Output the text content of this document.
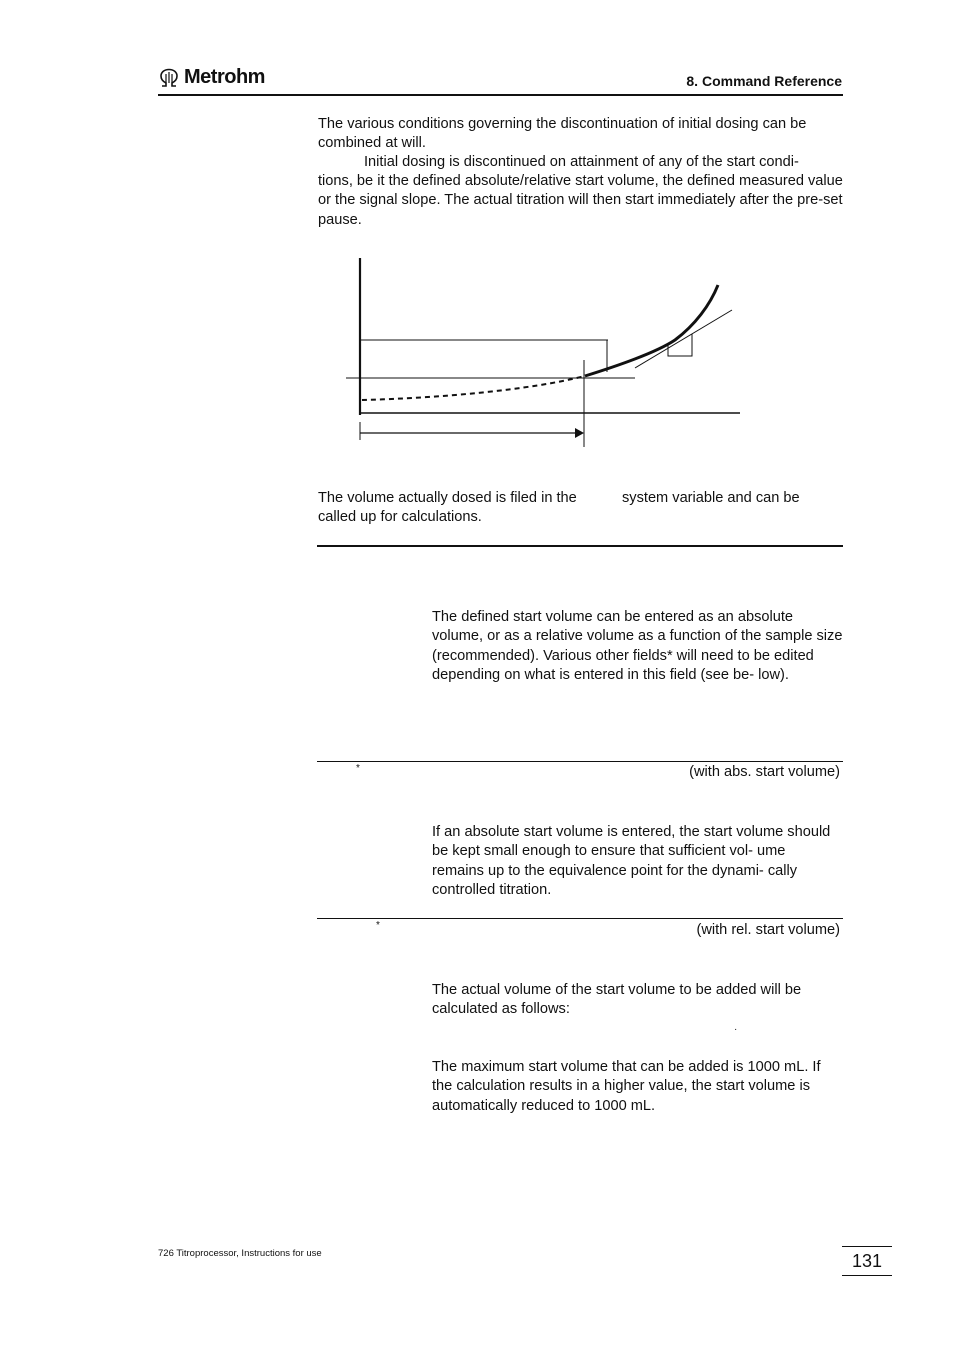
Metrohm	8. Command Reference
The various conditions governing the discontinuation of initial dosing can be combined at will.
Initial dosing is discontinued on attainment of any of the start condi-
tions, be it the defined absolute/relative start volume, the defined measured value or the signal slope. The actual titration will then start immediately after the pre-set pause.
The volume actually dosed is filed in the	system variable and can be
called up for calculations.
The defined start volume can be entered as an absolute volume, or as a relative volume as a function of the sample size (recommended). Various other fields* will need to be edited depending on what is entered in this field (see be- low).
*	(with abs. start volume)
If an absolute start volume is entered, the start volume should be kept small enough to ensure that sufficient vol- ume remains up to the equivalence point for the dynami- cally controlled titration.
*	(with rel. start volume)
The actual volume of the start volume to be added will be calculated as follows:
·
The maximum start volume that can be added is 1000 mL. If the calculation results in a higher value, the start volume is automatically reduced to 1000 mL.
726 Titroprocessor, Instructions for use	131
